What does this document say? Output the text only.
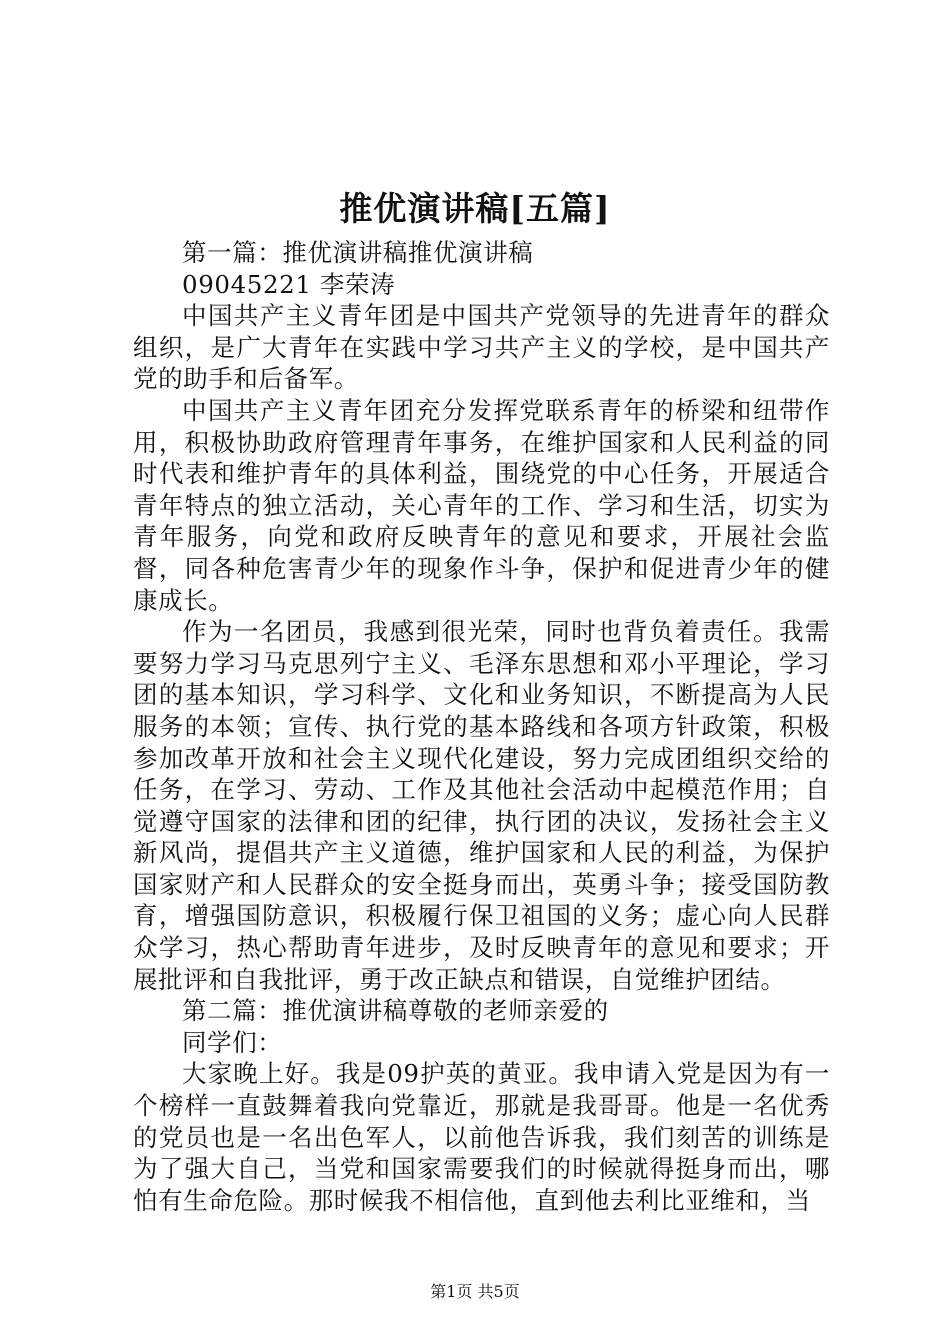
推优演讲稿[五篇]

第一篇：推优演讲稿推优演讲稿

09045221 李荣涛

中国共产主义青年团是中国共产党领导的先进青年的群众组织，是广大青年在实践中学习共产主义的学校，是中国共产党的助手和后备军。

中国共产主义青年团充分发挥党联系青年的桥梁和纽带作用，积极协助政府管理青年事务，在维护国家和人民利益的同时代表和维护青年的具体利益，围绕党的中心任务，开展适合青年特点的独立活动，关心青年的工作、学习和生活，切实为青年服务，向党和政府反映青年的意见和要求，开展社会监督，同各种危害青少年的现象作斗争，保护和促进青少年的健康成长。

作为一名团员，我感到很光荣，同时也背负着责任。我需要努力学习马克思列宁主义、毛泽东思想和邓小平理论，学习团的基本知识，学习科学、文化和业务知识，不断提高为人民服务的本领；宣传、执行党的基本路线和各项方针政策，积极参加改革开放和社会主义现代化建设，努力完成团组织交给的任务，在学习、劳动、工作及其他社会活动中起模范作用；自觉遵守国家的法律和团的纪律，执行团的决议，发扬社会主义新风尚，提倡共产主义道德，维护国家和人民的利益，为保护国家财产和人民群众的安全挺身而出，英勇斗争；接受国防教育，增强国防意识，积极履行保卫祖国的义务；虚心向人民群众学习，热心帮助青年进步，及时反映青年的意见和要求；开展批评和自我批评，勇于改正缺点和错误，自觉维护团结。

第二篇：推优演讲稿尊敬的老师亲爱的

同学们：

大家晚上好。我是09护英的黄亚。我申请入党是因为有一个榜样一直鼓舞着我向党靠近，那就是我哥哥。他是一名优秀的党员也是一名出色军人，以前他告诉我，我们刻苦的训练是为了强大自己，当党和国家需要我们的时候就得挺身而出，哪怕有生命危险。那时候我不相信他，直到他去利比亚维和，当

第1页 共5页
